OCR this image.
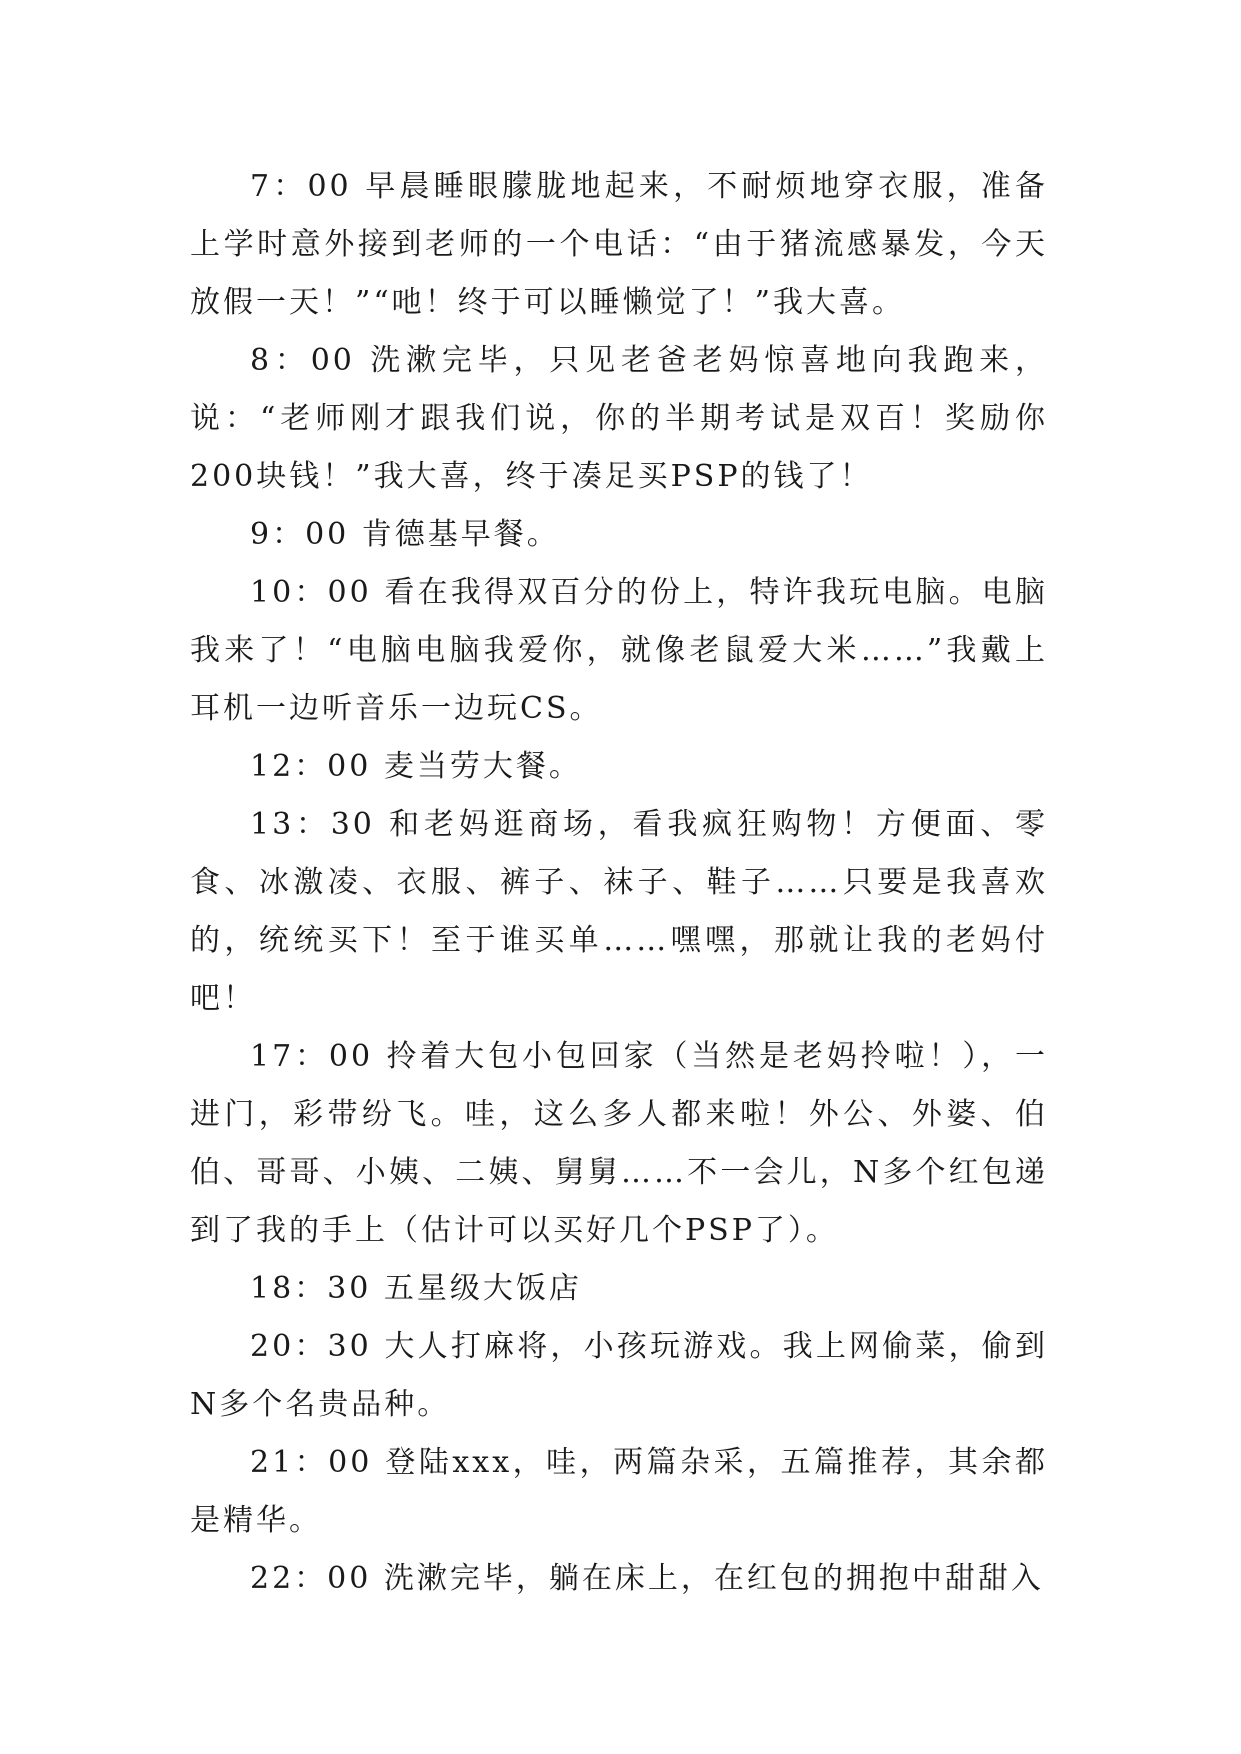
7：00 早晨睡眼朦胧地起来，不耐烦地穿衣服，准备上学时意外接到老师的一个电话：“由于猪流感暴发，今天放假一天！”“吔！终于可以睡懒觉了！”我大喜。

8：00 洗漱完毕，只见老爸老妈惊喜地向我跑来，说：“老师刚才跟我们说，你的半期考试是双百！奖励你200块钱！”我大喜，终于凑足买PSP的钱了！

9：00 肯德基早餐。

10：00 看在我得双百分的份上，特许我玩电脑。电脑我来了！“电脑电脑我爱你，就像老鼠爱大米……”我戴上耳机一边听音乐一边玩CS。

12：00 麦当劳大餐。

13：30 和老妈逛商场，看我疯狂购物！方便面、零食、冰激凌、衣服、裤子、袜子、鞋子……只要是我喜欢的，统统买下！至于谁买单……嘿嘿，那就让我的老妈付吧！

17：00 拎着大包小包回家（当然是老妈拎啦！），一进门，彩带纷飞。哇，这么多人都来啦！外公、外婆、伯伯、哥哥、小姨、二姨、舅舅……不一会儿，N多个红包递到了我的手上（估计可以买好几个PSP了）。

18：30 五星级大饭店

20：30 大人打麻将，小孩玩游戏。我上网偷菜，偷到N多个名贵品种。

21：00 登陆xxx，哇，两篇杂采，五篇推荐，其余都是精华。

22：00 洗漱完毕，躺在床上，在红包的拥抱中甜甜入
